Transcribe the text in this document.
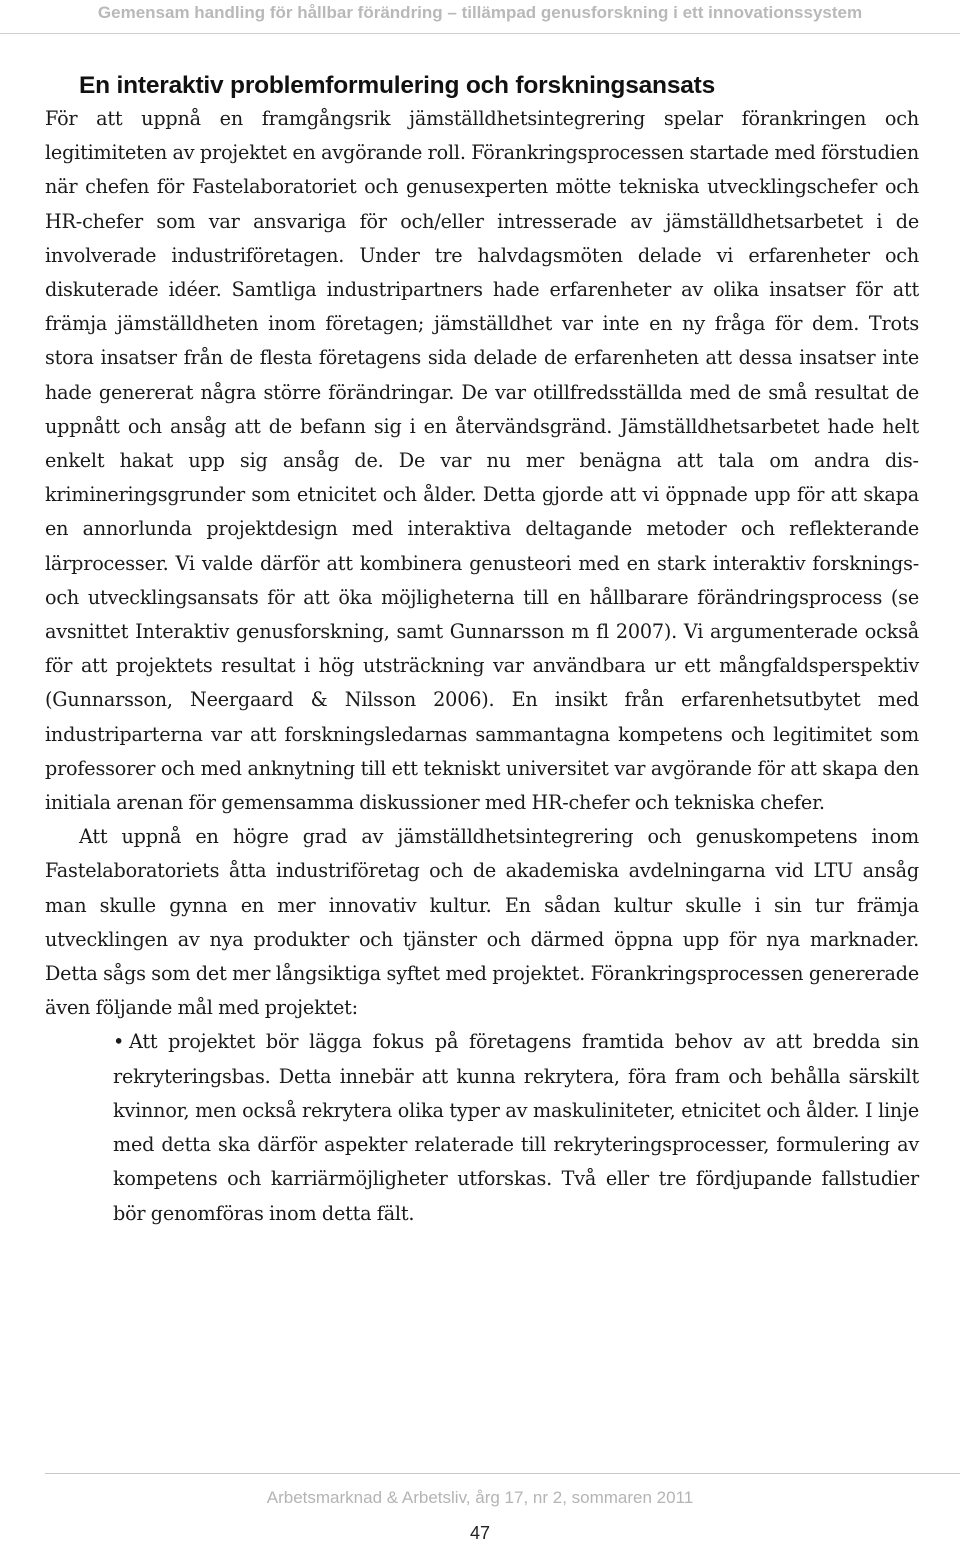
Gemensam handling för hållbar förändring – tillämpad genusforskning i ett innovationssystem
En interaktiv problemformulering och forskningsansats

För att uppnå en framgångsrik jämställdhetsintegrering spelar förankringen och legitimiteten av projektet en avgörande roll. Förankringsprocessen startade med förstudien när chefen för Fastelaboratoriet och genusexperten mötte tekniska utvecklingschefer och HR-chefer som var ansvariga för och/eller intresserade av jämställdhetsarbetet i de involverade industriföretagen. Under tre halvdagsmöten delade vi erfarenheter och diskuterade idéer. Samtliga industripartners hade erfarenheter av olika insatser för att främja jämställdheten inom företagen; jämställdhet var inte en ny fråga för dem. Trots stora insatser från de flesta företagens sida delade de erfarenheten att dessa insatser inte hade genererat några större förändringar. De var otillfredsställda med de små resultat de uppnått och ansåg att de befann sig i en återvändsgränd. Jämställdhetsarbetet hade helt enkelt hakat upp sig ansåg de. De var nu mer benägna att tala om andra diskrimineringsgrunder som etnicitet och ålder. Detta gjorde att vi öppnade upp för att skapa en annorlunda projektdesign med interaktiva deltagande metoder och reflekterande lärprocesser. Vi valde därför att kombinera genusteori med en stark interaktiv forsknings- och utvecklingsansats för att öka möjligheterna till en hållbarare förändringsprocess (se avsnittet Interaktiv genusforskning, samt Gunnarsson m fl 2007). Vi argumenterade också för att projektets resultat i hög utsträckning var användbara ur ett mångfaldsperspektiv (Gunnarsson, Neergaard & Nilsson 2006). En insikt från erfarenhetsutbytet med industriparterna var att forskningsledarnas sammantagna kompetens och legitimitet som professorer och med anknytning till ett tekniskt universitet var avgörande för att skapa den initiala arenan för gemensamma diskussioner med HR-chefer och tekniska chefer.

Att uppnå en högre grad av jämställdhetsintegrering och genuskompetens inom Fastelaboratoriets åtta industriföretag och de akademiska avdelningarna vid LTU ansåg man skulle gynna en mer innovativ kultur. En sådan kultur skulle i sin tur främja utvecklingen av nya produkter och tjänster och därmed öppna upp för nya marknader. Detta sågs som det mer långsiktiga syftet med projektet. Förankringsprocessen genererade även följande mål med projektet:

• Att projektet bör lägga fokus på företagens framtida behov av att bredda sin rekryteringsbas. Detta innebär att kunna rekrytera, föra fram och behålla särskilt kvinnor, men också rekrytera olika typer av maskuliniteter, etnicitet och ålder. I linje med detta ska därför aspekter relaterade till rekryteringsprocesser, formulering av kompetens och karriärmöjligheter utforskas. Två eller tre fördjupande fallstudier bör genomföras inom detta fält.
Arbetsmarknad & Arbetsliv, årg 17, nr 2, sommaren 2011
47
